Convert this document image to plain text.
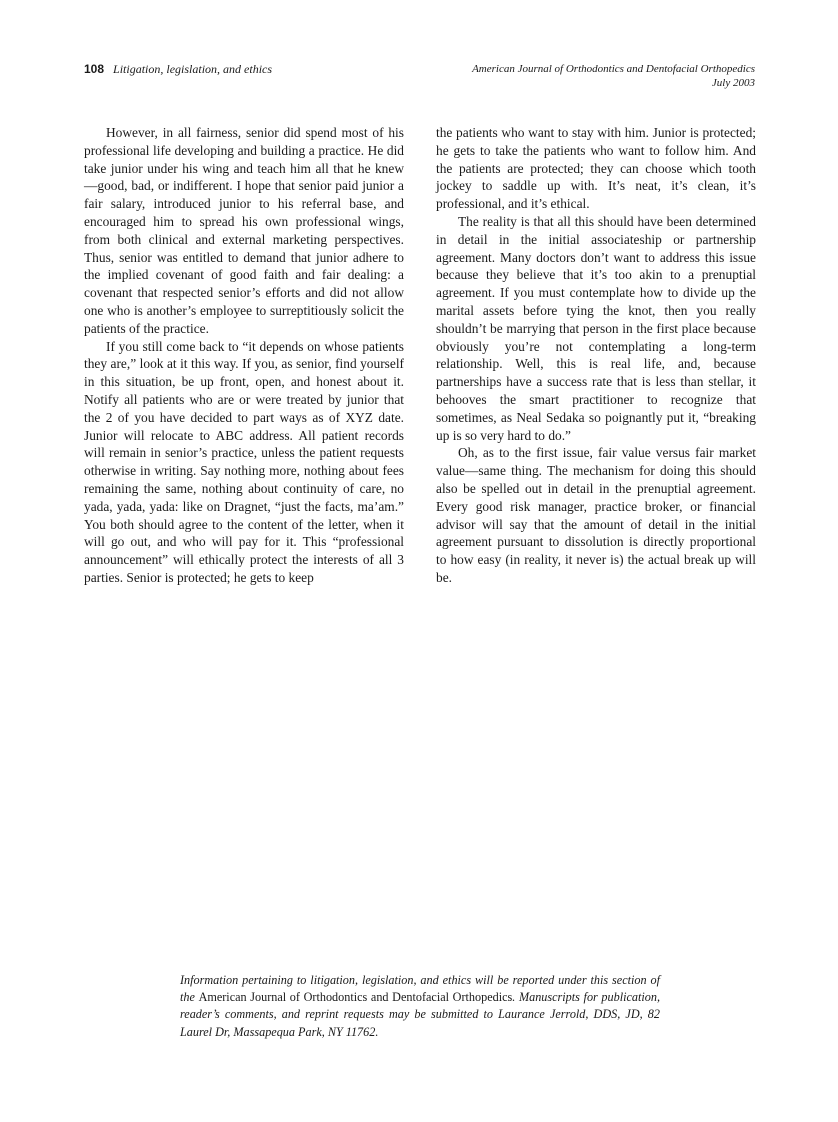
108 Litigation, legislation, and ethics	American Journal of Orthodontics and Dentofacial Orthopedics
July 2003

However, in all fairness, senior did spend most of his professional life developing and building a practice. He did take junior under his wing and teach him all that he knew—good, bad, or indifferent. I hope that senior paid junior a fair salary, introduced junior to his referral base, and encouraged him to spread his own professional wings, from both clinical and external marketing perspectives. Thus, senior was entitled to demand that junior adhere to the implied covenant of good faith and fair dealing: a covenant that respected senior’s efforts and did not allow one who is another’s employee to surreptitiously solicit the patients of the practice.

If you still come back to “it depends on whose patients they are,” look at it this way. If you, as senior, find yourself in this situation, be up front, open, and honest about it. Notify all patients who are or were treated by junior that the 2 of you have decided to part ways as of XYZ date. Junior will relocate to ABC address. All patient records will remain in senior’s practice, unless the patient requests otherwise in writing. Say nothing more, nothing about fees remaining the same, nothing about continuity of care, no yada, yada, yada: like on Dragnet, “just the facts, ma’am.” You both should agree to the content of the letter, when it will go out, and who will pay for it. This “professional announcement” will ethically protect the interests of all 3 parties. Senior is protected; he gets to keep

the patients who want to stay with him. Junior is protected; he gets to take the patients who want to follow him. And the patients are protected; they can choose which tooth jockey to saddle up with. It’s neat, it’s clean, it’s professional, and it’s ethical.

The reality is that all this should have been determined in detail in the initial associateship or partnership agreement. Many doctors don’t want to address this issue because they believe that it’s too akin to a prenuptial agreement. If you must contemplate how to divide up the marital assets before tying the knot, then you really shouldn’t be marrying that person in the first place because obviously you’re not contemplating a long-term relationship. Well, this is real life, and, because partnerships have a success rate that is less than stellar, it behooves the smart practitioner to recognize that sometimes, as Neal Sedaka so poignantly put it, “breaking up is so very hard to do.”

Oh, as to the first issue, fair value versus fair market value—same thing. The mechanism for doing this should also be spelled out in detail in the prenuptial agreement. Every good risk manager, practice broker, or financial advisor will say that the amount of detail in the initial agreement pursuant to dissolution is directly proportional to how easy (in reality, it never is) the actual break up will be.

Information pertaining to litigation, legislation, and ethics will be reported under this section of the American Journal of Orthodontics and Dentofacial Orthopedics. Manuscripts for publication, reader’s comments, and reprint requests may be submitted to Laurance Jerrold, DDS, JD, 82 Laurel Dr, Massapequa Park, NY 11762.
